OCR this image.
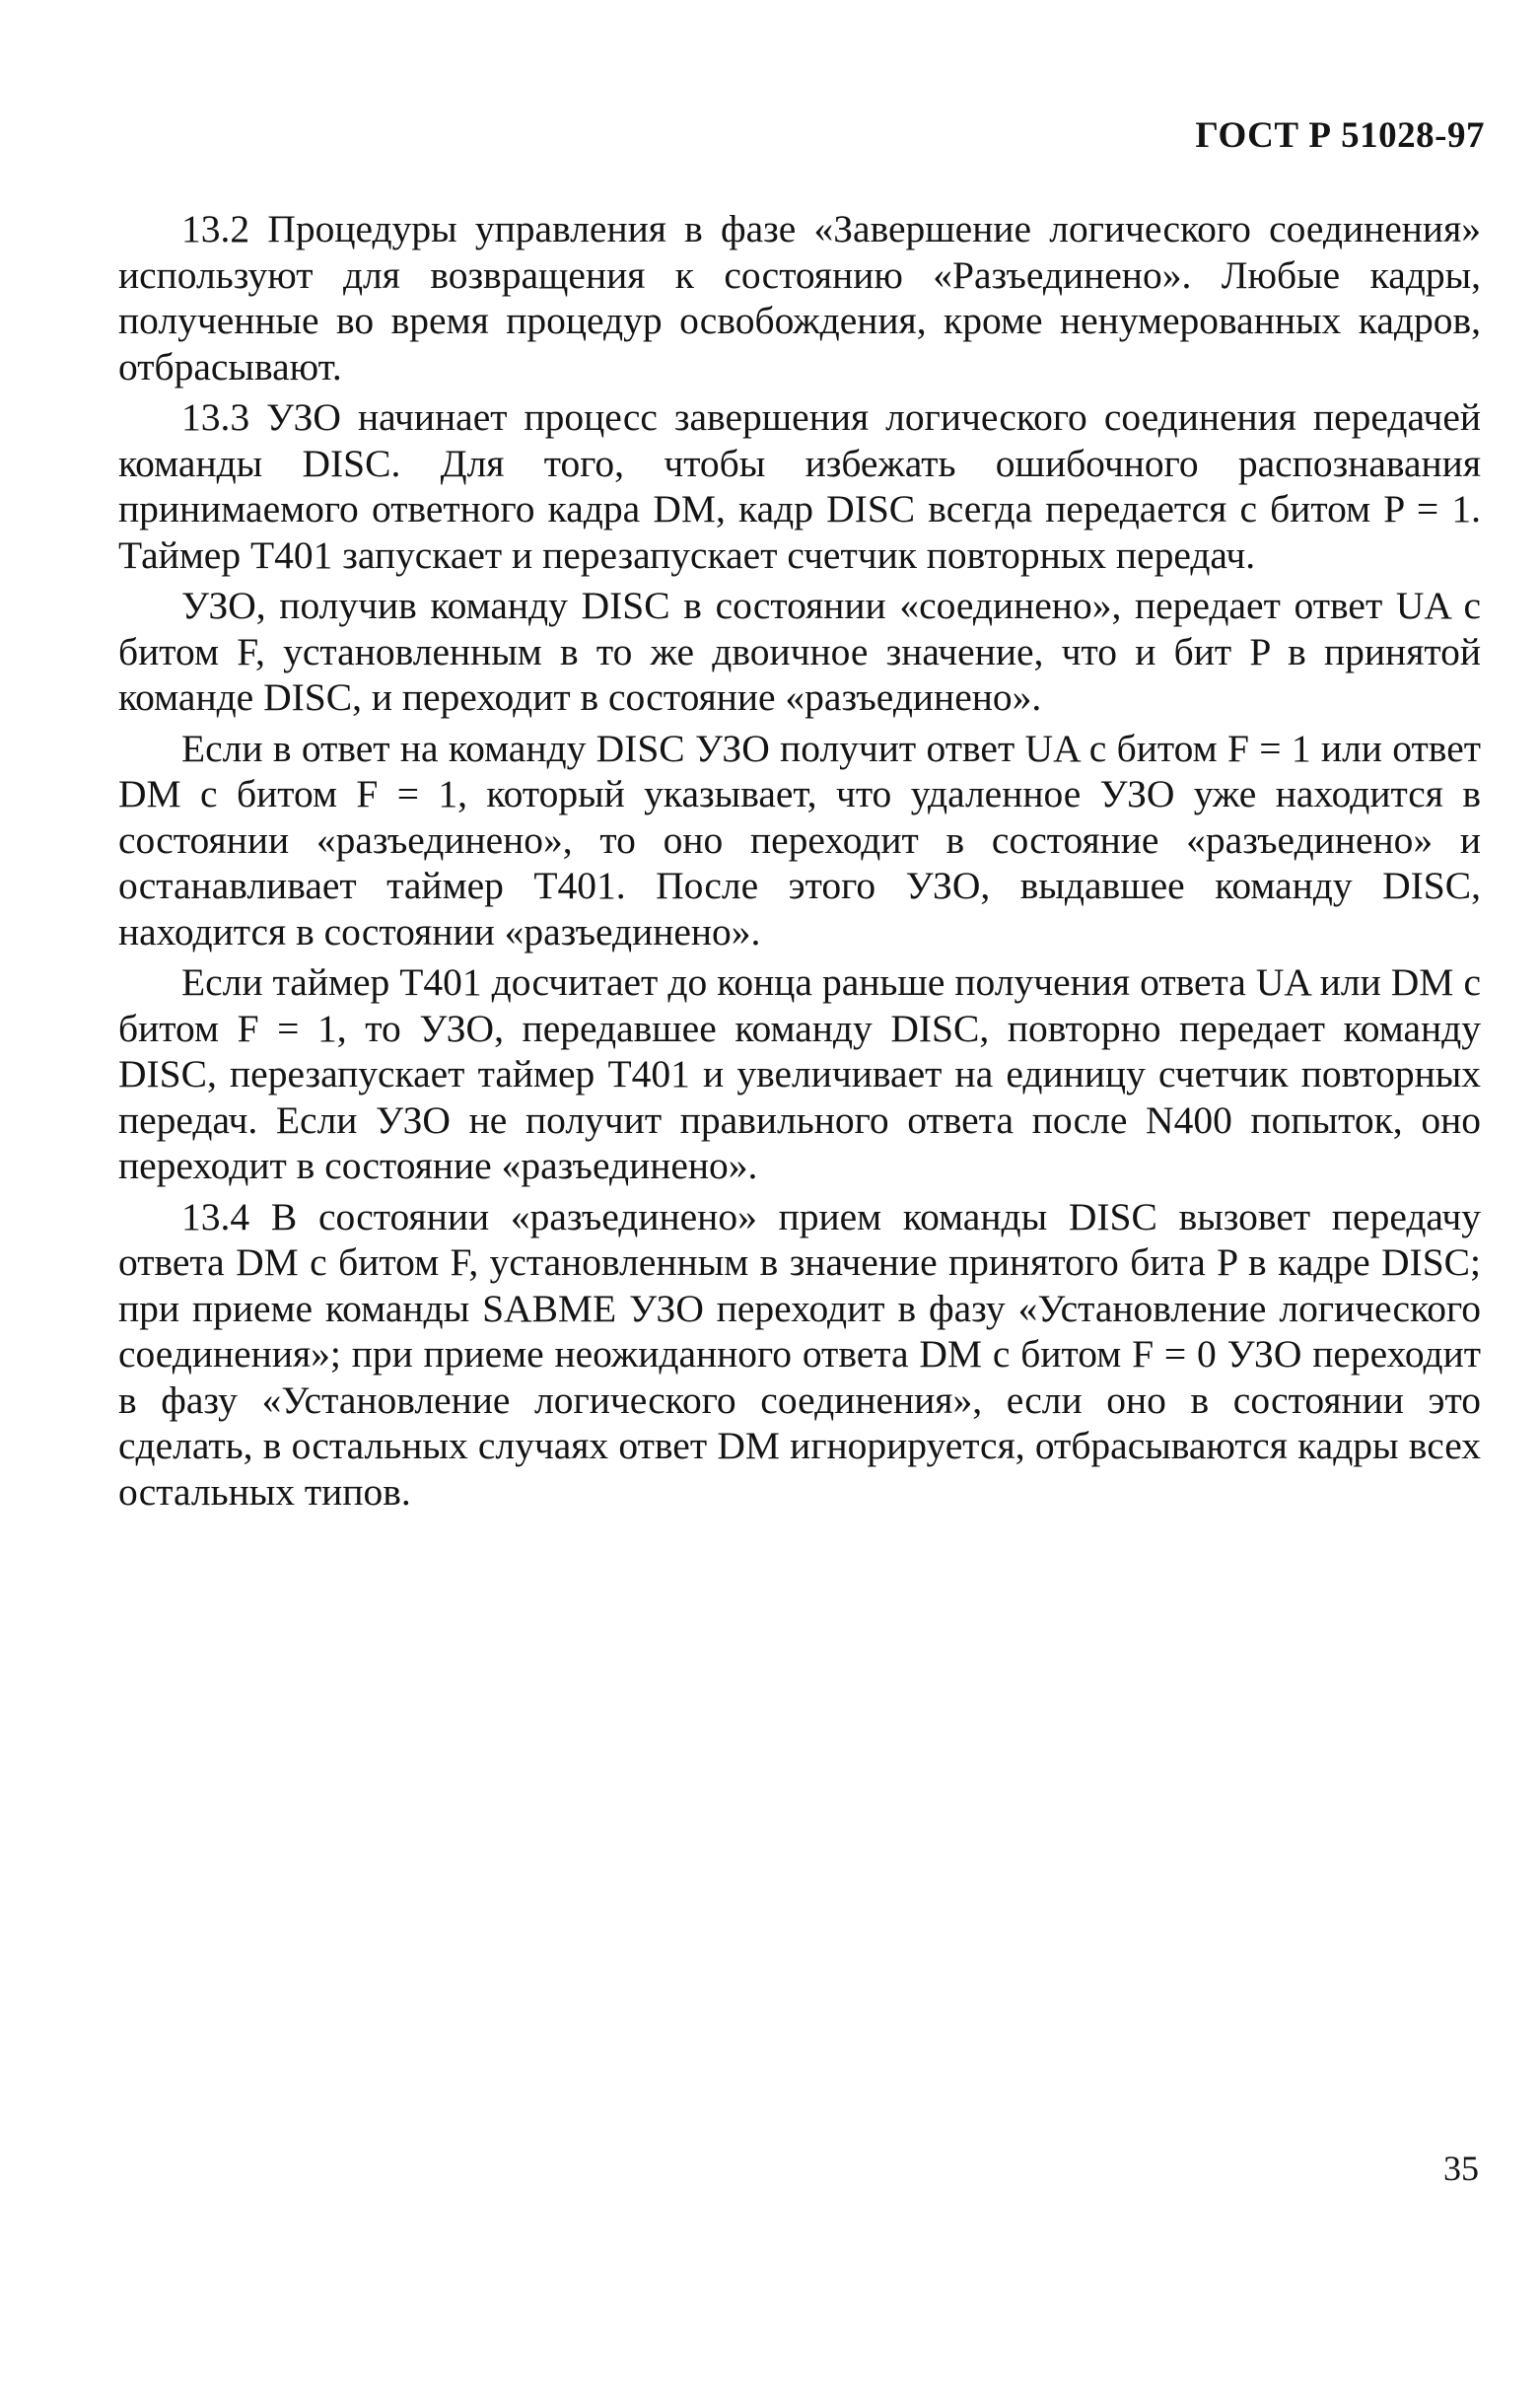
ГОСТ Р 51028-97

13.2 Процедуры управления в фазе «Завершение логического соединения» используют для возвращения к состоянию «Разъединено». Любые кадры, полученные во время процедур освобождения, кроме ненумерованных кадров, отбрасывают.

13.3 УЗО начинает процесс завершения логического соединения передачей команды DISC. Для того, чтобы избежать ошибочного распознавания принимаемого ответного кадра DM, кадр DISC всегда передается с битом P = 1. Таймер T401 запускает и перезапускает счетчик повторных передач.

УЗО, получив команду DISC в состоянии «соединено», передает ответ UA с битом F, установленным в то же двоичное значение, что и бит P в принятой команде DISC, и переходит в состояние «разъединено».

Если в ответ на команду DISC УЗО получит ответ UA с битом F = 1 или ответ DM с битом F = 1, который указывает, что удаленное УЗО уже находится в состоянии «разъединено», то оно переходит в состояние «разъединено» и останавливает таймер T401. После этого УЗО, выдавшее команду DISC, находится в состоянии «разъединено».

Если таймер T401 досчитает до конца раньше получения ответа UA или DM с битом F = 1, то УЗО, передавшее команду DISC, повторно передает команду DISC, перезапускает таймер T401 и увеличивает на единицу счетчик повторных передач. Если УЗО не получит правильного ответа после N400 попыток, оно переходит в состояние «разъединено».

13.4 В состоянии «разъединено» прием команды DISC вызовет передачу ответа DM с битом F, установленным в значение принятого бита P в кадре DISC; при приеме команды SABME УЗО переходит в фазу «Установление логического соединения»; при приеме неожиданного ответа DM с битом F = 0 УЗО переходит в фазу «Установление логического соединения», если оно в состоянии это сделать, в остальных случаях ответ DM игнорируется, отбрасываются кадры всех остальных типов.

35
